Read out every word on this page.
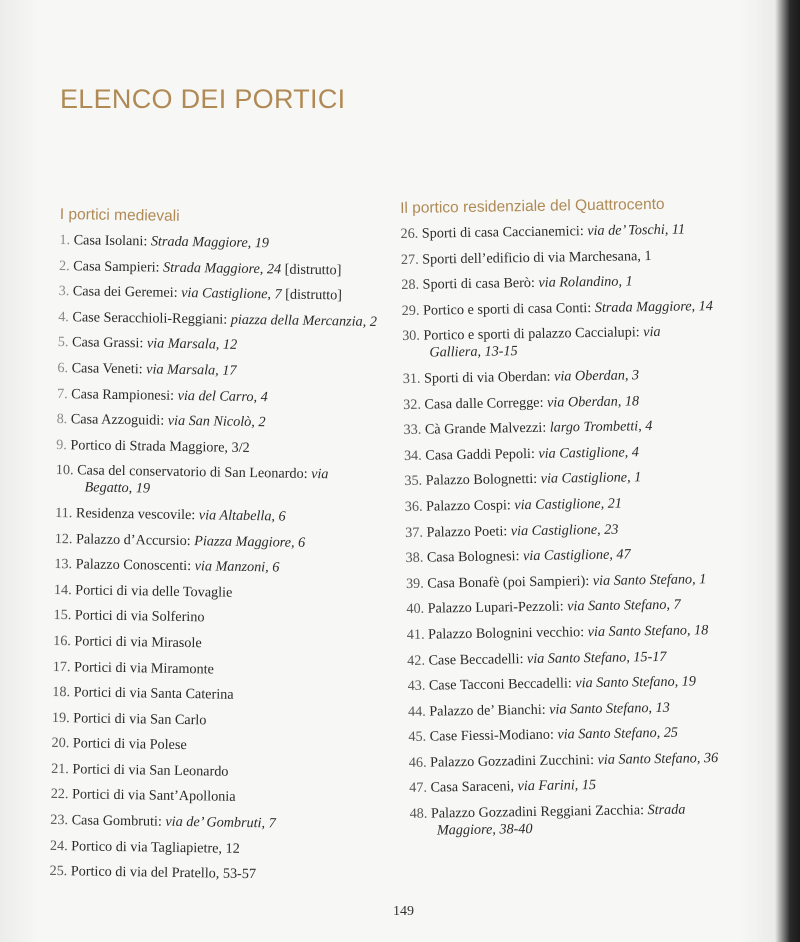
ELENCO DEI PORTICI
I portici medievali
1. Casa Isolani: Strada Maggiore, 19
2. Casa Sampieri: Strada Maggiore, 24 [distrutto]
3. Casa dei Geremei: via Castiglione, 7 [distrutto]
4. Case Seracchioli-Reggiani: piazza della Mercanzia, 2
5. Casa Grassi: via Marsala, 12
6. Casa Veneti: via Marsala, 17
7. Casa Rampionesi: via del Carro, 4
8. Casa Azzoguidi: via San Nicolò, 2
9. Portico di Strada Maggiore, 3/2
10. Casa del conservatorio di San Leonardo: via
Begatto, 19
11. Residenza vescovile: via Altabella, 6
12. Palazzo d’Accursio: Piazza Maggiore, 6
13. Palazzo Conoscenti: via Manzoni, 6
14. Portici di via delle Tovaglie
15. Portici di via Solferino
16. Portici di via Mirasole
17. Portici di via Miramonte
18. Portici di via Santa Caterina
19. Portici di via San Carlo
20. Portici di via Polese
21. Portici di via San Leonardo
22. Portici di via Sant’Apollonia
23. Casa Gombruti: via de’ Gombruti, 7
24. Portico di via Tagliapietre, 12
25. Portico di via del Pratello, 53-57
Il portico residenziale del Quattrocento
26. Sporti di casa Caccianemici: via de’ Toschi, 11
27. Sporti dell’edificio di via Marchesana, 1
28. Sporti di casa Berò: via Rolandino, 1
29. Portico e sporti di casa Conti: Strada Maggiore, 14
30. Portico e sporti di palazzo Caccialupi: via
Galliera, 13-15
31. Sporti di via Oberdan: via Oberdan, 3
32. Casa dalle Corregge: via Oberdan, 18
33. Cà Grande Malvezzi: largo Trombetti, 4
34. Casa Gaddi Pepoli: via Castiglione, 4
35. Palazzo Bolognetti: via Castiglione, 1
36. Palazzo Cospi: via Castiglione, 21
37. Palazzo Poeti: via Castiglione, 23
38. Casa Bolognesi: via Castiglione, 47
39. Casa Bonafè (poi Sampieri): via Santo Stefano, 1
40. Palazzo Lupari-Pezzoli: via Santo Stefano, 7
41. Palazzo Bolognini vecchio: via Santo Stefano, 18
42. Case Beccadelli: via Santo Stefano, 15-17
43. Case Tacconi Beccadelli: via Santo Stefano, 19
44. Palazzo de’ Bianchi: via Santo Stefano, 13
45. Case Fiessi-Modiano: via Santo Stefano, 25
46. Palazzo Gozzadini Zucchini: via Santo Stefano, 36
47. Casa Saraceni, via Farini, 15
48. Palazzo Gozzadini Reggiani Zacchia: Strada
Maggiore, 38-40
149
